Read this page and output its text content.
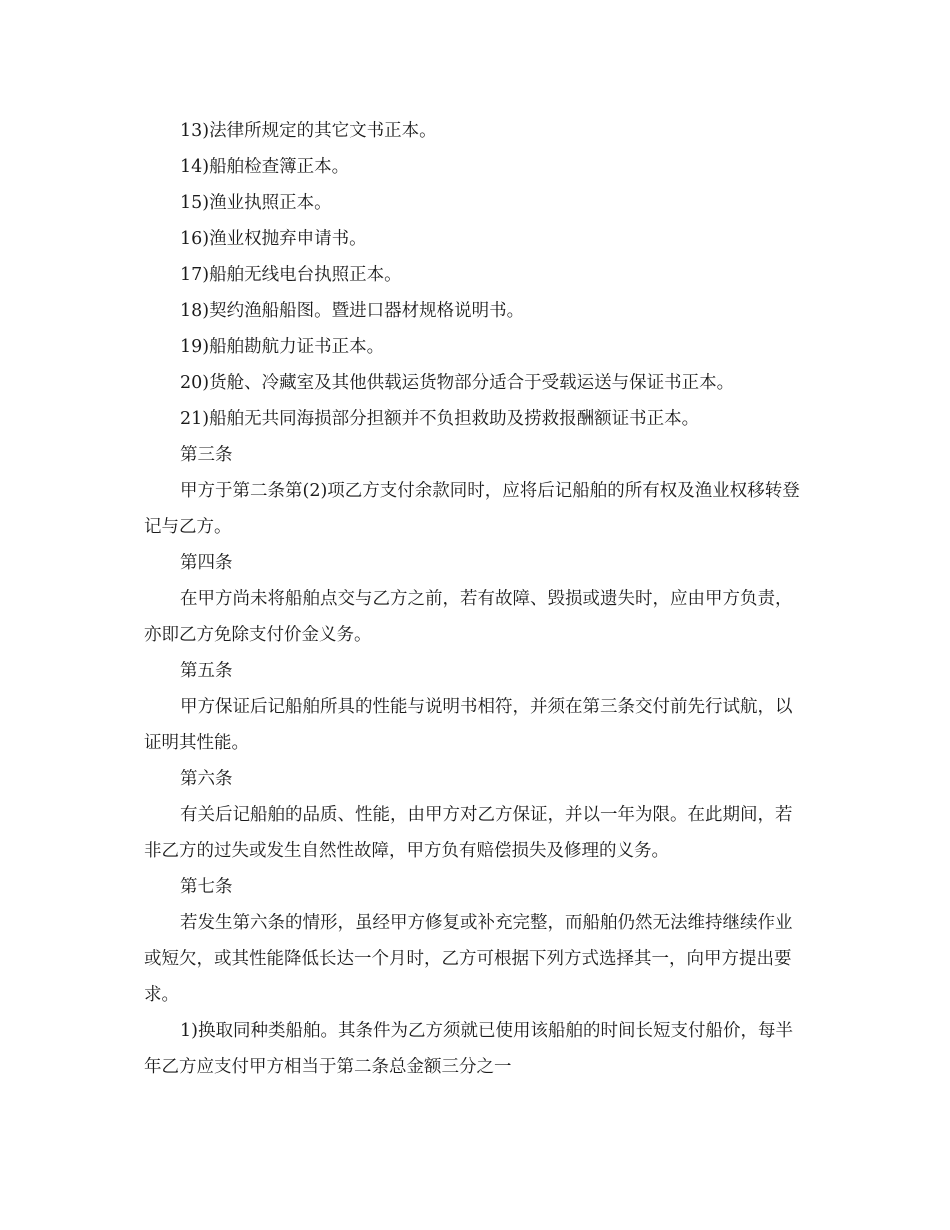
13)法律所规定的其它文书正本。

14)船舶检查簿正本。

15)渔业执照正本。

16)渔业权抛弃申请书。

17)船舶无线电台执照正本。

18)契约渔船船图。暨进口器材规格说明书。

19)船舶勘航力证书正本。

20)货舱、冷藏室及其他供载运货物部分适合于受载运送与保证书正本。

21)船舶无共同海损部分担额并不负担救助及捞救报酬额证书正本。

第三条

甲方于第二条第(2)项乙方支付余款同时，应将后记船舶的所有权及渔业权移转登记与乙方。

第四条

在甲方尚未将船舶点交与乙方之前，若有故障、毁损或遗失时，应由甲方负责，亦即乙方免除支付价金义务。

第五条

甲方保证后记船舶所具的性能与说明书相符，并须在第三条交付前先行试航，以证明其性能。

第六条

有关后记船舶的品质、性能，由甲方对乙方保证，并以一年为限。在此期间，若非乙方的过失或发生自然性故障，甲方负有赔偿损失及修理的义务。

第七条

若发生第六条的情形，虽经甲方修复或补充完整，而船舶仍然无法维持继续作业或短欠，或其性能降低长达一个月时，乙方可根据下列方式选择其一，向甲方提出要求。

1)换取同种类船舶。其条件为乙方须就已使用该船舶的时间长短支付船价，每半年乙方应支付甲方相当于第二条总金额三分之一
